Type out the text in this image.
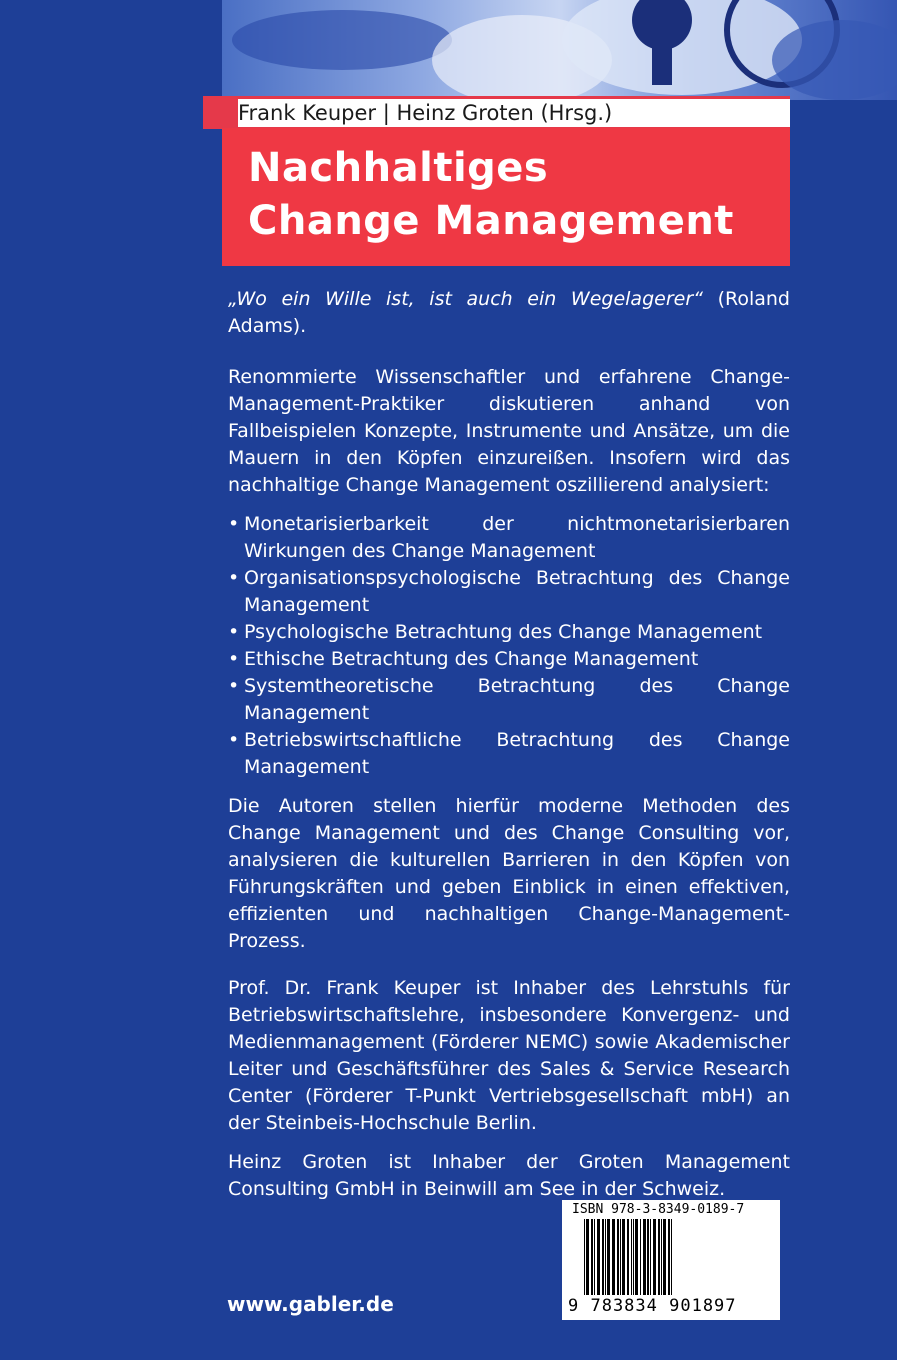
Frank Keuper | Heinz Groten (Hrsg.)
Nachhaltiges
Change Management

„Wo ein Wille ist, ist auch ein Wegelagerer“ (Roland Adams).

Renommierte Wissenschaftler und erfahrene Change-Management-Praktiker diskutieren anhand von Fallbeispielen Konzepte, Instrumente und Ansätze, um die Mauern in den Köpfen einzureißen. Insofern wird das nachhaltige Change Management oszillierend analysiert:

• Monetarisierbarkeit der nichtmonetarisierbaren Wirkungen des Change Management
• Organisationspsychologische Betrachtung des Change Management
• Psychologische Betrachtung des Change Management
• Ethische Betrachtung des Change Management
• Systemtheoretische Betrachtung des Change Management
• Betriebswirtschaftliche Betrachtung des Change Management

Die Autoren stellen hierfür moderne Methoden des Change Management und des Change Consulting vor, analysieren die kulturellen Barrieren in den Köpfen von Führungskräften und geben Einblick in einen effektiven, effizienten und nachhaltigen Change-Management-Prozess.

Prof. Dr. Frank Keuper ist Inhaber des Lehrstuhls für Betriebswirtschaftslehre, insbesondere Konvergenz- und Medienmanagement (Förderer NEMC) sowie Akademischer Leiter und Geschäftsführer des Sales & Service Research Center (Förderer T-Punkt Vertriebsgesellschaft mbH) an der Steinbeis-Hochschule Berlin.

Heinz Groten ist Inhaber der Groten Management Consulting GmbH in Beinwill am See in der Schweiz.

www.gabler.de
ISBN 978-3-8349-0189-7
9 783834 901897
